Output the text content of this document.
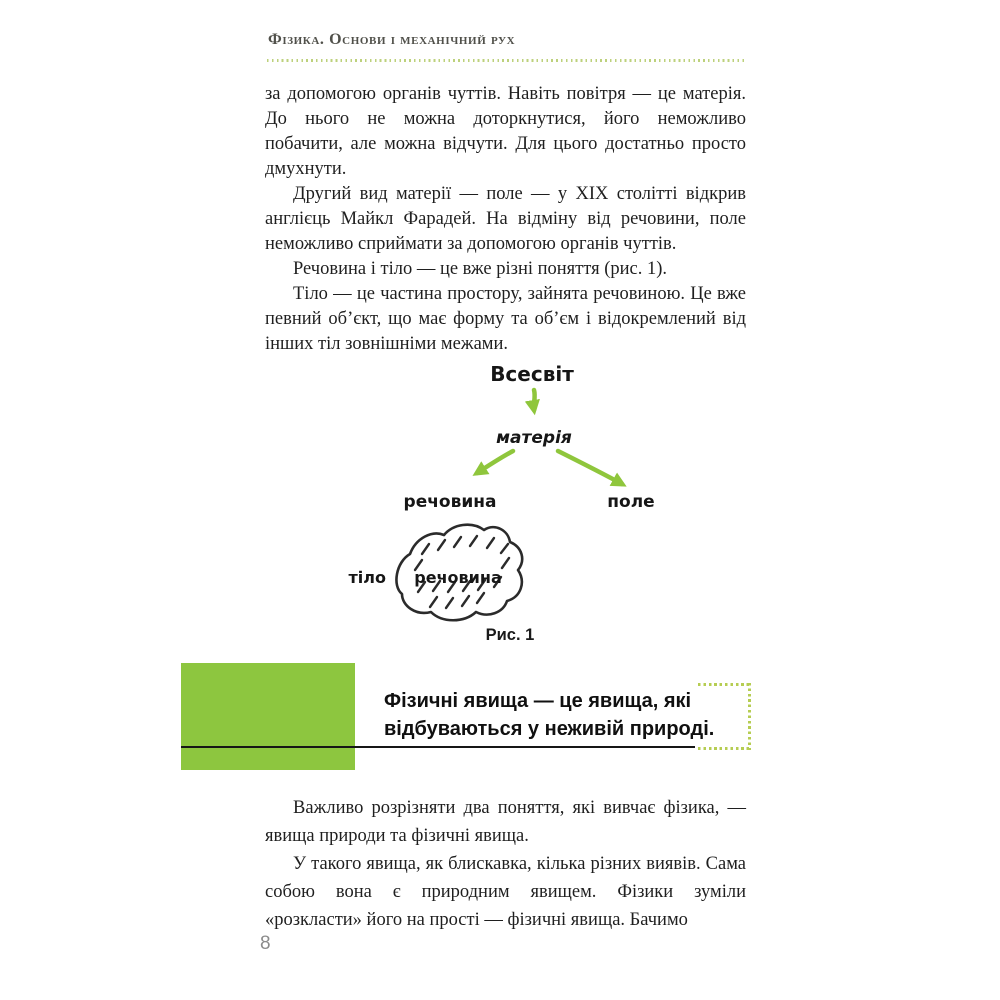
Фізика. Основи і механічний рух

за допомогою органів чуттів. Навіть повітря — це матерія. До нього не можна доторкнутися, його неможливо побачити, але можна відчути. Для цього достатньо просто дмухнути.

Другий вид матерії — поле — у XIX столітті відкрив англієць Майкл Фарадей. На відміну від речовини, поле неможливо сприймати за допомогою органів чуттів.

Речовина і тіло — це вже різні поняття (рис. 1).

Тіло — це частина простору, зайнята речовиною. Це вже певний об’єкт, що має форму та об’єм і відокремлений від інших тіл зовнішніми межами.

Всесвіт
матерія
речовина	поле
тіло речовина
Рис. 1
Фізичні явища — це явища, які відбуваються у неживій природі.

Важливо розрізняти два поняття, які вивчає фізика, — явища природи та фізичні явища.

У такого явища, як блискавка, кілька різних виявів. Сама собою вона є природним явищем. Фізики зуміли «розкласти» його на прості — фізичні явища. Бачимо

8
